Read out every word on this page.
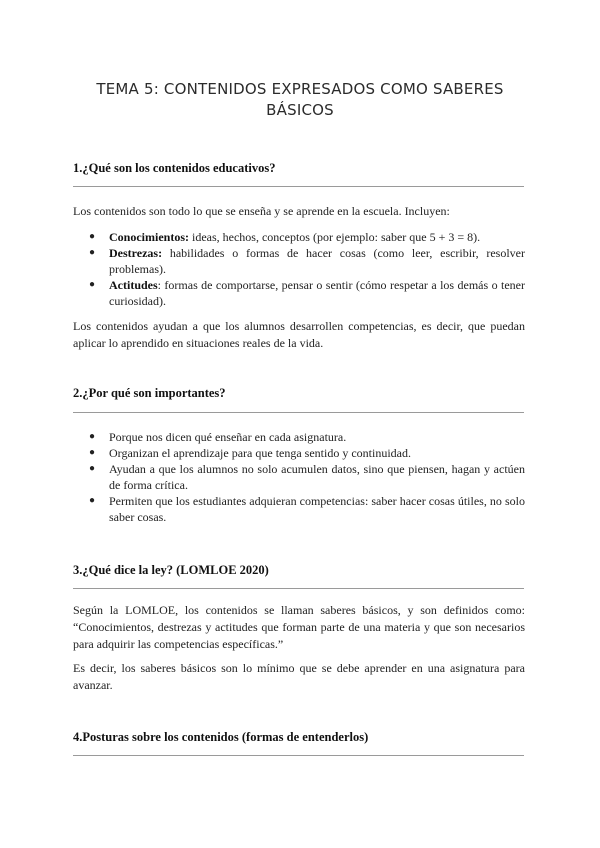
TEMA 5: CONTENIDOS EXPRESADOS COMO SABERES
BÁSICOS
1.¿Qué son los contenidos educativos?

Los contenidos son todo lo que se enseña y se aprende en la escuela. Incluyen:

● Conocimientos: ideas, hechos, conceptos (por ejemplo: saber que 5 + 3 = 8).
● Destrezas: habilidades o formas de hacer cosas (como leer, escribir, resolver problemas).
● Actitudes: formas de comportarse, pensar o sentir (cómo respetar a los demás o tener curiosidad).

Los contenidos ayudan a que los alumnos desarrollen competencias, es decir, que puedan aplicar lo aprendido en situaciones reales de la vida.

2.¿Por qué son importantes?
● Porque nos dicen qué enseñar en cada asignatura.
● Organizan el aprendizaje para que tenga sentido y continuidad.
● Ayudan a que los alumnos no solo acumulen datos, sino que piensen, hagan y actúen de forma crítica.
● Permiten que los estudiantes adquieran competencias: saber hacer cosas útiles, no solo saber cosas.
3.¿Qué dice la ley? (LOMLOE 2020)

Según la LOMLOE, los contenidos se llaman saberes básicos, y son definidos como: “Conocimientos, destrezas y actitudes que forman parte de una materia y que son necesarios para adquirir las competencias específicas.”

Es decir, los saberes básicos son lo mínimo que se debe aprender en una asignatura para avanzar.

4.Posturas sobre los contenidos (formas de entenderlos)
